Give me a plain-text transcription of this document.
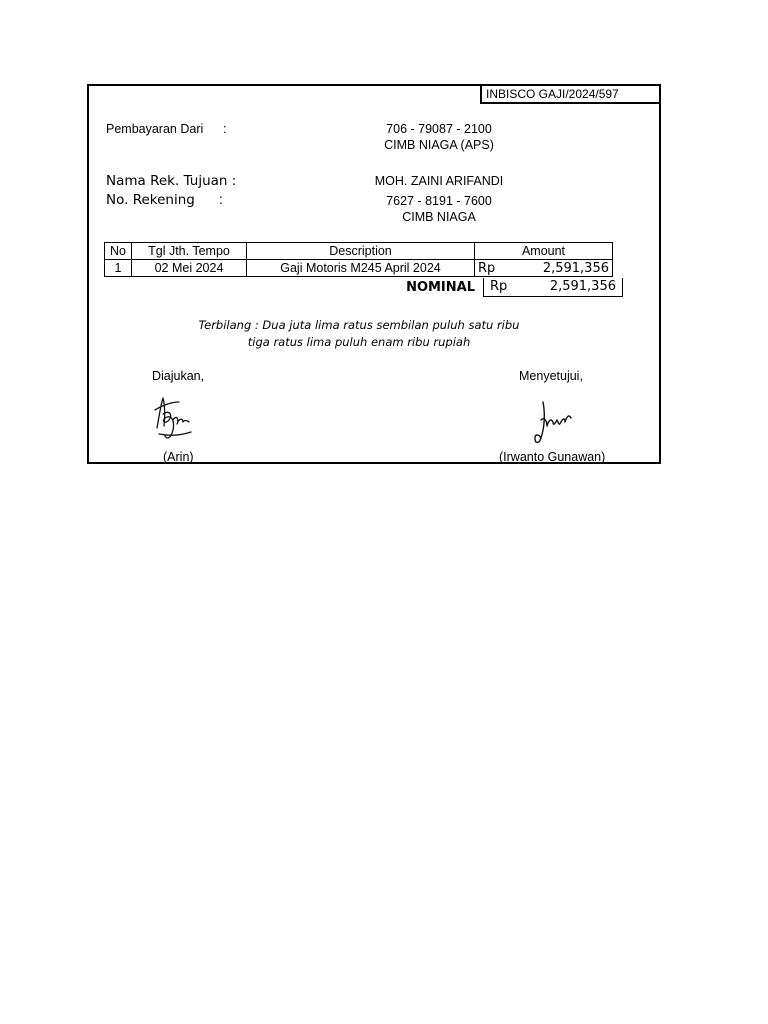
INBISCO GAJI/2024/597
Pembayaran Dari :	706 - 79087 - 2100
CIMB NIAGA (APS)
Nama Rek. Tujuan :	MOH. ZAINI ARIFANDI
No. Rekening :	7627 - 8191 - 7600
CIMB NIAGA
No	Tgl Jth. Tempo	Description	Amount	
1	02 Mei 2024	Gaji Motoris M245 April 2024	Rp	2,591,356
NOMINAL Rp	2,591,356
Terbilang : Dua juta lima ratus sembilan puluh satu ribu
tiga ratus lima puluh enam ribu rupiah
Diajukan,
(Arin)
Menyetujui,
(Irwanto Gunawan)
